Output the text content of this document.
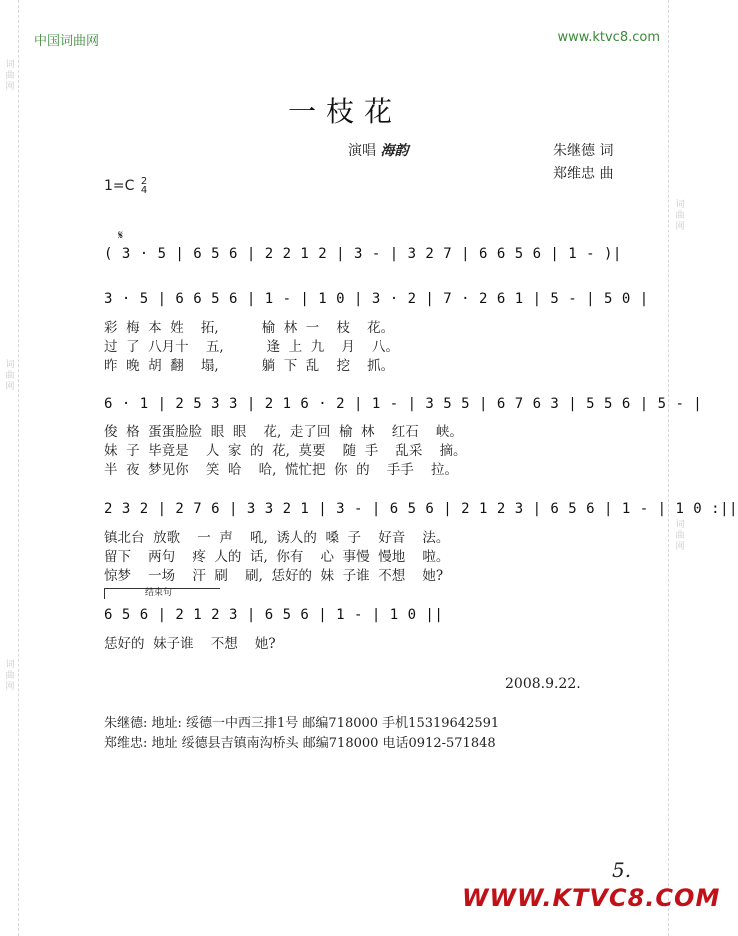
词曲网
词曲网
词曲网
词曲网
词曲网
中国词曲网	www.ktvc8.com
一枝花
演唱 海韵	朱继德 词
郑维忠 曲
1=C 2
4
𝄋
( 3 · 5 | 6 5 6 | 2 2 1 2 | 3 - | 3 2 7 | 6 6 5 6 | 1 - )|
3 · 5 | 6 6 5 6 | 1 - | 1 0 | 3 · 2 | 7 · 2 6 1 | 5 - | 5 0 |
彩  梅  本  姓    拓,          榆  林  一    枝    花。
过  了  八月十    五,          逢  上  九    月    八。
昨  晚  胡  翻    塌,          躺  下  乱    挖    抓。
6 · 1 | 2 5 3 3 | 2 1 6 · 2 | 1 - | 3 5 5 | 6 7 6 3 | 5 5 6 | 5 - |
俊  格  蛋蛋脸脸  眼  眼    花,  走了回  榆  林    红石    峡。
妹  子  毕竟是    人  家  的  花,  莫要    随  手    乱采    摘。
半  夜  梦见你    笑  哈    哈,  慌忙把  你  的    手手    拉。
2 3 2 | 2 7 6 | 3 3 2 1 | 3 - | 6 5 6 | 2 1 2 3 | 6 5 6 | 1 - | 1 0 :||
镇北台  放歌    一  声    吼,  诱人的  嗓  子    好音    法。
留下    两句    疼  人的  话,  你有    心  事慢  慢地    啦。
惊梦    一场    汗  刷    刷,  恁好的  妹  子谁  不想    她?
结束句
6 5 6 | 2 1 2 3 | 6 5 6 | 1 - | 1 0 ||
恁好的  妹子谁    不想    她?
2008.9.22.
朱继德: 地址: 绥德一中西三排1号 邮编718000 手机15319642591
郑维忠: 地址 绥德县吉镇南沟桥头 邮编718000 电话0912-571848
5.
WWW.KTVC8.COM
